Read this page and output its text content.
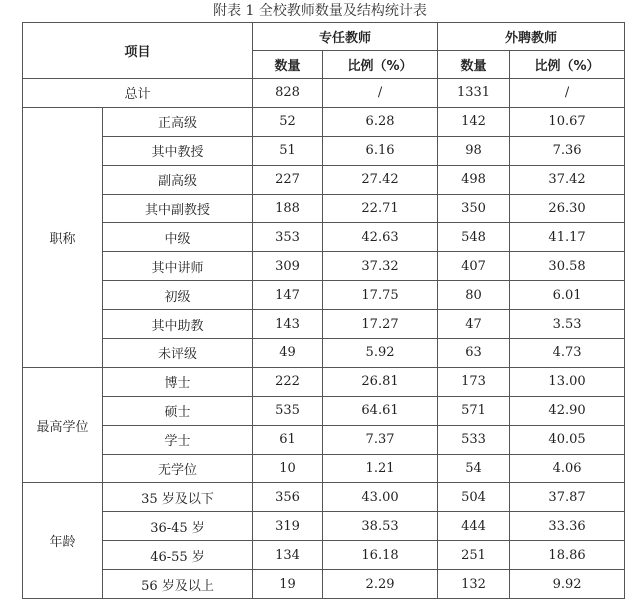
附表 1 全校教师数量及结构统计表
项目		专任教师		外聘教师	
		数量	比例（%）	数量	比例（%）
总计		828	/	1331	/
职称	正高级	52	6.28	142	10.67
	其中教授	51	6.16	98	7.36
	副高级	227	27.42	498	37.42
	其中副教授	188	22.71	350	26.30
	中级	353	42.63	548	41.17
	其中讲师	309	37.32	407	30.58
	初级	147	17.75	80	6.01
	其中助教	143	17.27	47	3.53
	未评级	49	5.92	63	4.73
最高学位	博士	222	26.81	173	13.00
	硕士	535	64.61	571	42.90
	学士	61	7.37	533	40.05
	无学位	10	1.21	54	4.06
年龄	35 岁及以下	356	43.00	504	37.87
	36-45 岁	319	38.53	444	33.36
	46-55 岁	134	16.18	251	18.86
	56 岁及以上	19	2.29	132	9.92
